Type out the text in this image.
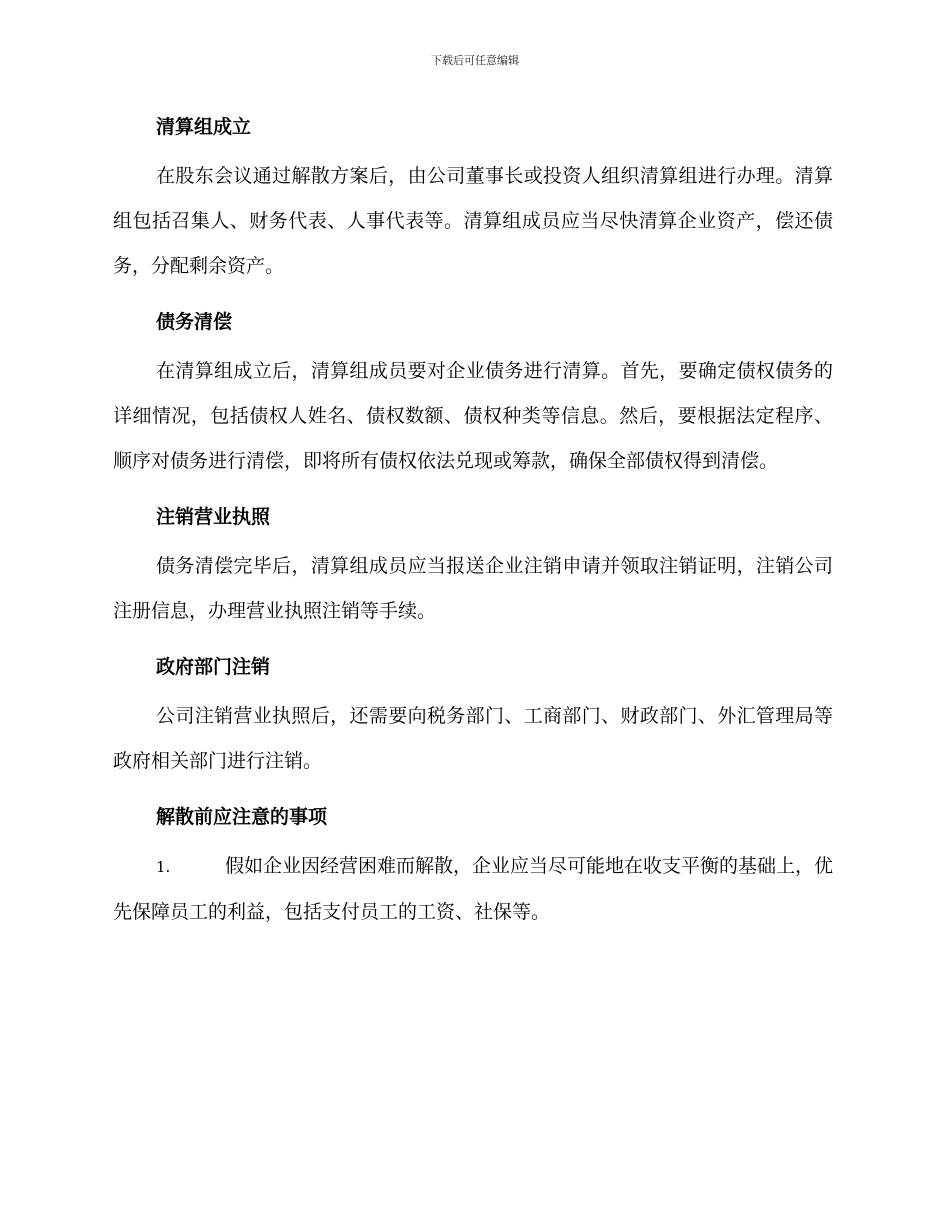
下载后可任意编辑
清算组成立

在股东会议通过解散方案后，由公司董事长或投资人组织清算组进行办理。清算组包括召集人、财务代表、人事代表等。清算组成员应当尽快清算企业资产，偿还债务，分配剩余资产。

债务清偿

在清算组成立后，清算组成员要对企业债务进行清算。首先，要确定债权债务的详细情况，包括债权人姓名、债权数额、债权种类等信息。然后，要根据法定程序、顺序对债务进行清偿，即将所有债权依法兑现或筹款，确保全部债权得到清偿。

注销营业执照

债务清偿完毕后，清算组成员应当报送企业注销申请并领取注销证明，注销公司注册信息，办理营业执照注销等手续。

政府部门注销

公司注销营业执照后，还需要向税务部门、工商部门、财政部门、外汇管理局等政府相关部门进行注销。

解散前应注意的事项

1.	假如企业因经营困难而解散，企业应当尽可能地在收支平衡的基础上，优先保障员工的利益，包括支付员工的工资、社保等。
